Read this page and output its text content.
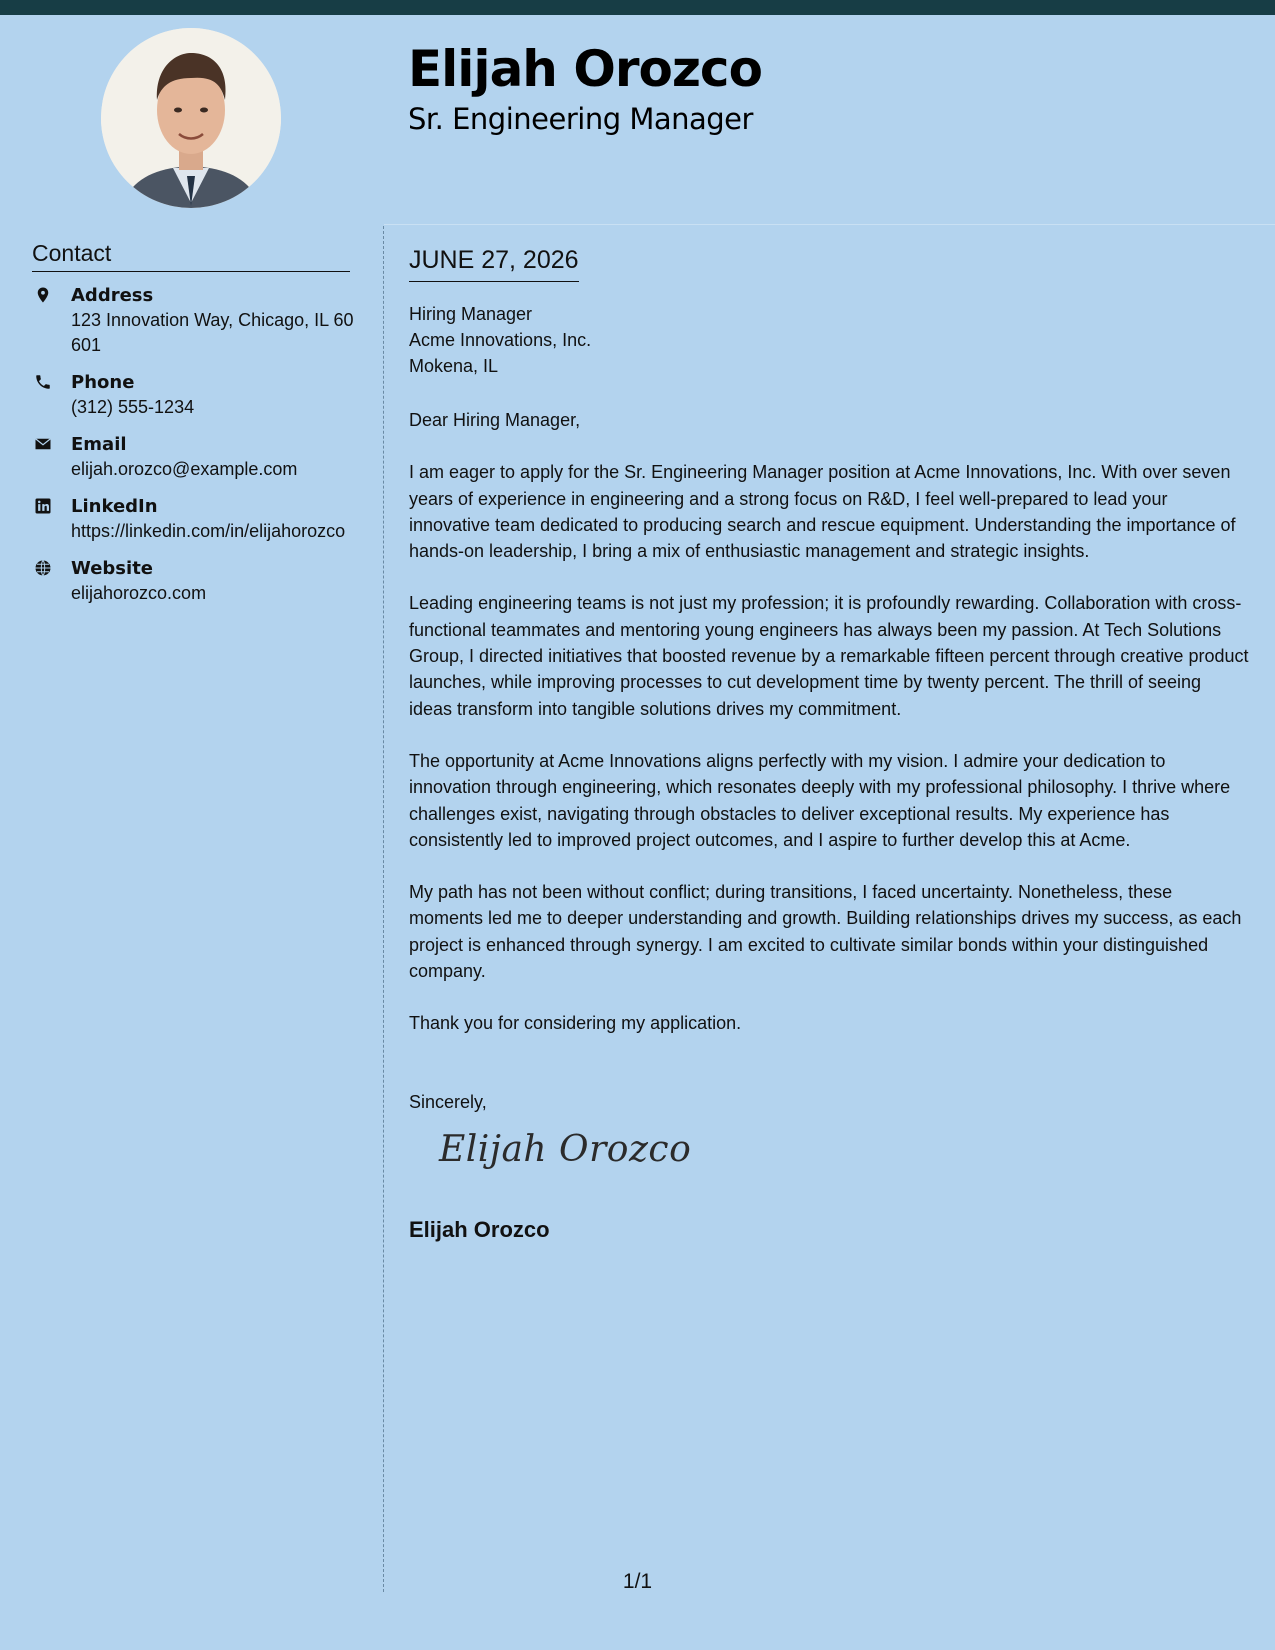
Elijah Orozco
Sr. Engineering Manager
Contact
Address
123 Innovation Way, Chicago, IL 60601
Phone
(312) 555-1234
Email
elijah.orozco@example.com
LinkedIn
https://linkedin.com/in/elijahorozco
Website
elijahorozco.com
JUNE 27, 2026
Hiring Manager
Acme Innovations, Inc.
Mokena, IL
Dear Hiring Manager,
I am eager to apply for the Sr. Engineering Manager position at Acme Innovations, Inc. With over seven years of experience in engineering and a strong focus on R&D, I feel well-prepared to lead your innovative team dedicated to producing search and rescue equipment. Understanding the importance of hands-on leadership, I bring a mix of enthusiastic management and strategic insights.
Leading engineering teams is not just my profession; it is profoundly rewarding. Collaboration with cross-functional teammates and mentoring young engineers has always been my passion. At Tech Solutions Group, I directed initiatives that boosted revenue by a remarkable fifteen percent through creative product launches, while improving processes to cut development time by twenty percent. The thrill of seeing ideas transform into tangible solutions drives my commitment.
The opportunity at Acme Innovations aligns perfectly with my vision. I admire your dedication to innovation through engineering, which resonates deeply with my professional philosophy. I thrive where challenges exist, navigating through obstacles to deliver exceptional results. My experience has consistently led to improved project outcomes, and I aspire to further develop this at Acme.
My path has not been without conflict; during transitions, I faced uncertainty. Nonetheless, these moments led me to deeper understanding and growth. Building relationships drives my success, as each project is enhanced through synergy. I am excited to cultivate similar bonds within your distinguished company.
Thank you for considering my application.
Sincerely,
Elijah Orozco
Elijah Orozco
1/1
